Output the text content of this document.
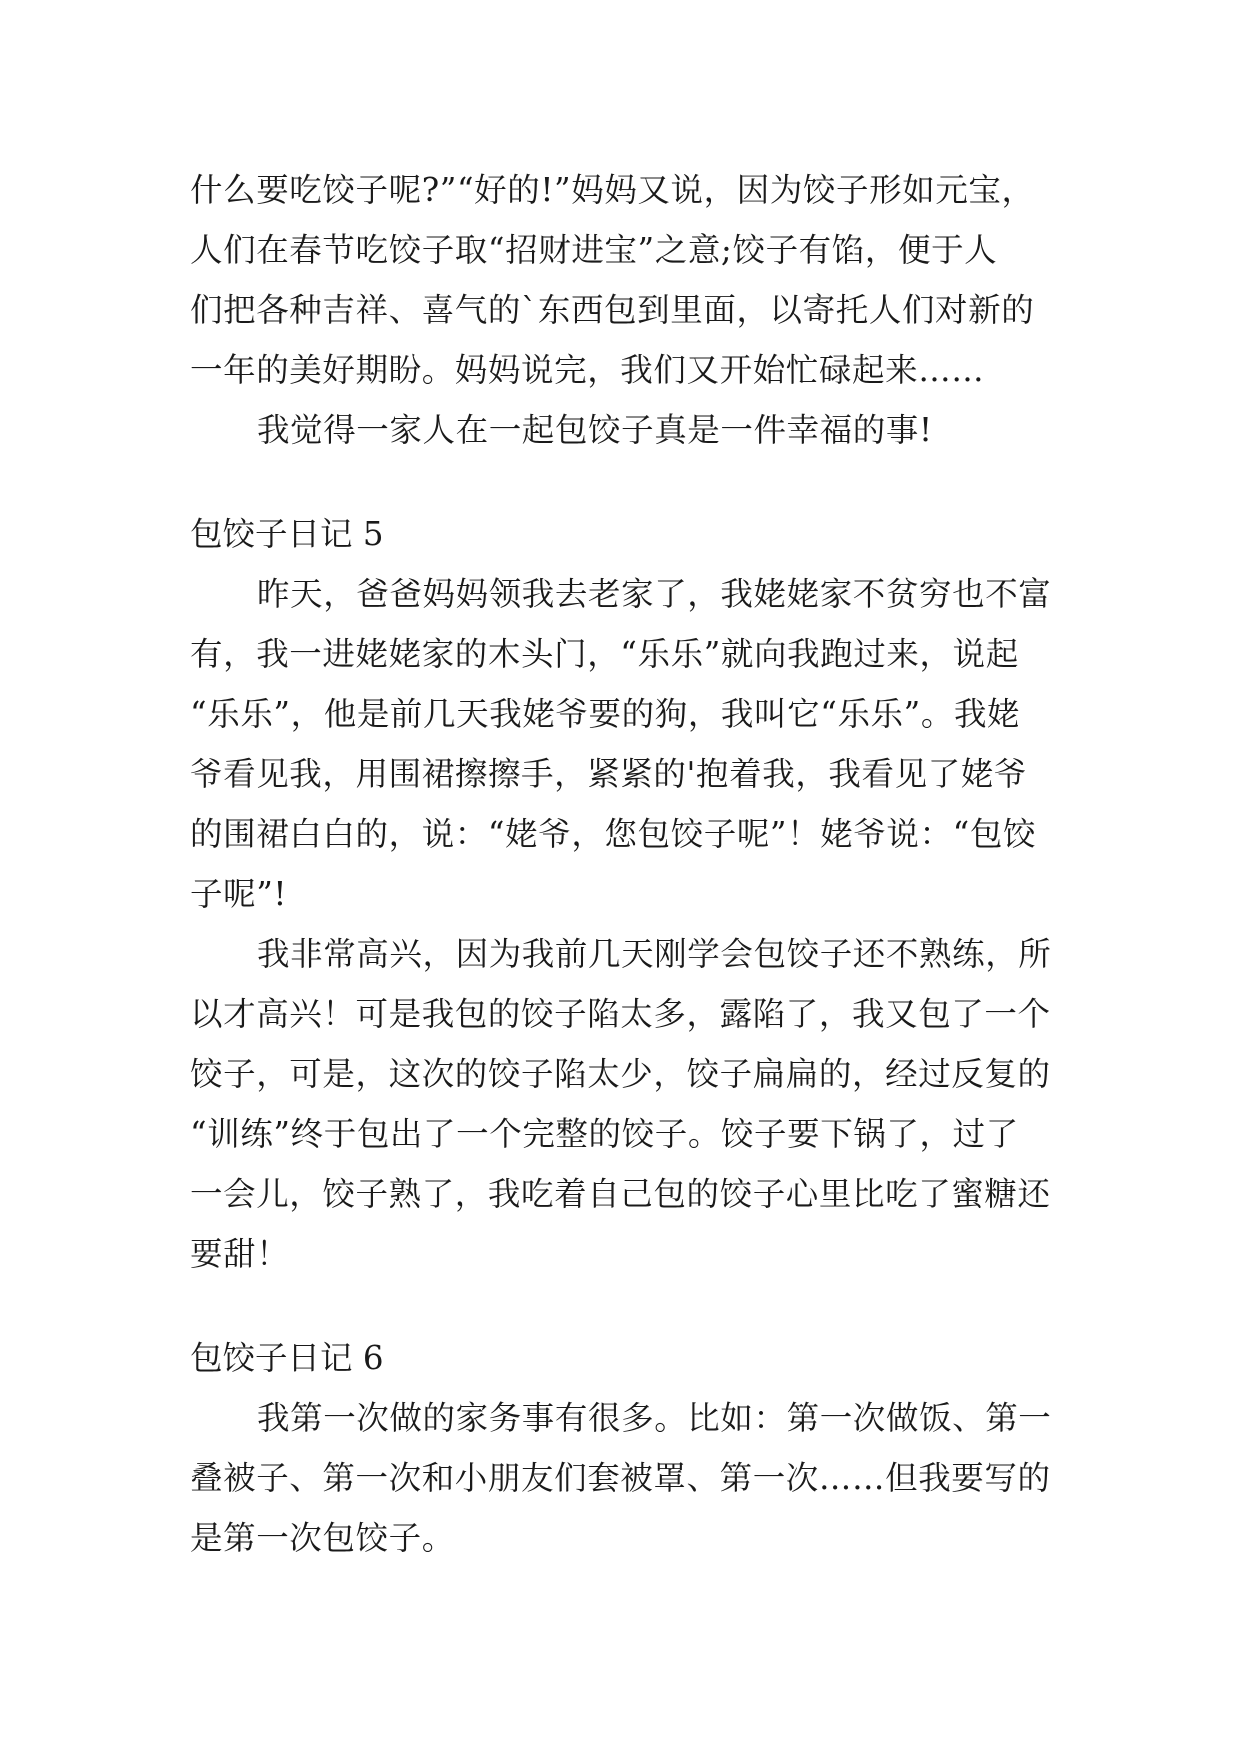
什么要吃饺子呢?”“好的!”妈妈又说，因为饺子形如元宝，
人们在春节吃饺子取“招财进宝”之意;饺子有馅，便于人
们把各种吉祥、喜气的`东西包到里面，以寄托人们对新的
一年的美好期盼。妈妈说完，我们又开始忙碌起来……
我觉得一家人在一起包饺子真是一件幸福的事!
包饺子日记 5
昨天，爸爸妈妈领我去老家了，我姥姥家不贫穷也不富
有，我一进姥姥家的木头门，“乐乐”就向我跑过来，说起
“乐乐”，他是前几天我姥爷要的狗，我叫它“乐乐”。我姥
爷看见我，用围裙擦擦手，紧紧的'抱着我，我看见了姥爷
的围裙白白的，说：“姥爷，您包饺子呢”！姥爷说：“包饺
子呢”!
我非常高兴，因为我前几天刚学会包饺子还不熟练，所
以才高兴！可是我包的饺子陷太多，露陷了，我又包了一个
饺子，可是，这次的饺子陷太少，饺子扁扁的，经过反复的
“训练”终于包出了一个完整的饺子。饺子要下锅了，过了
一会儿，饺子熟了，我吃着自己包的饺子心里比吃了蜜糖还
要甜！
包饺子日记 6
我第一次做的家务事有很多。比如：第一次做饭、第一
叠被子、第一次和小朋友们套被罩、第一次……但我要写的
是第一次包饺子。
